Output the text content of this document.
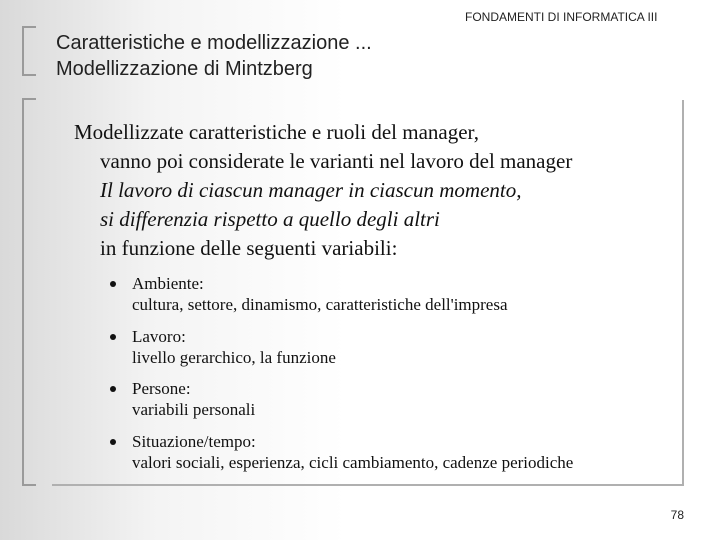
Caratteristiche e modellizzazione ...
Modellizzazione di Mintzberg
FONDAMENTI DI INFORMATICA III
Modellizzate caratteristiche e ruoli del manager,
vanno poi considerate le varianti nel lavoro del manager
Il lavoro di ciascun manager in ciascun momento,
si differenzia rispetto a quello degli altri
in funzione delle seguenti variabili:
Ambiente:
cultura, settore, dinamismo, caratteristiche dell'impresa
Lavoro:
livello gerarchico, la funzione
Persone:
variabili personali
Situazione/tempo:
valori sociali, esperienza, cicli cambiamento, cadenze periodiche
78
